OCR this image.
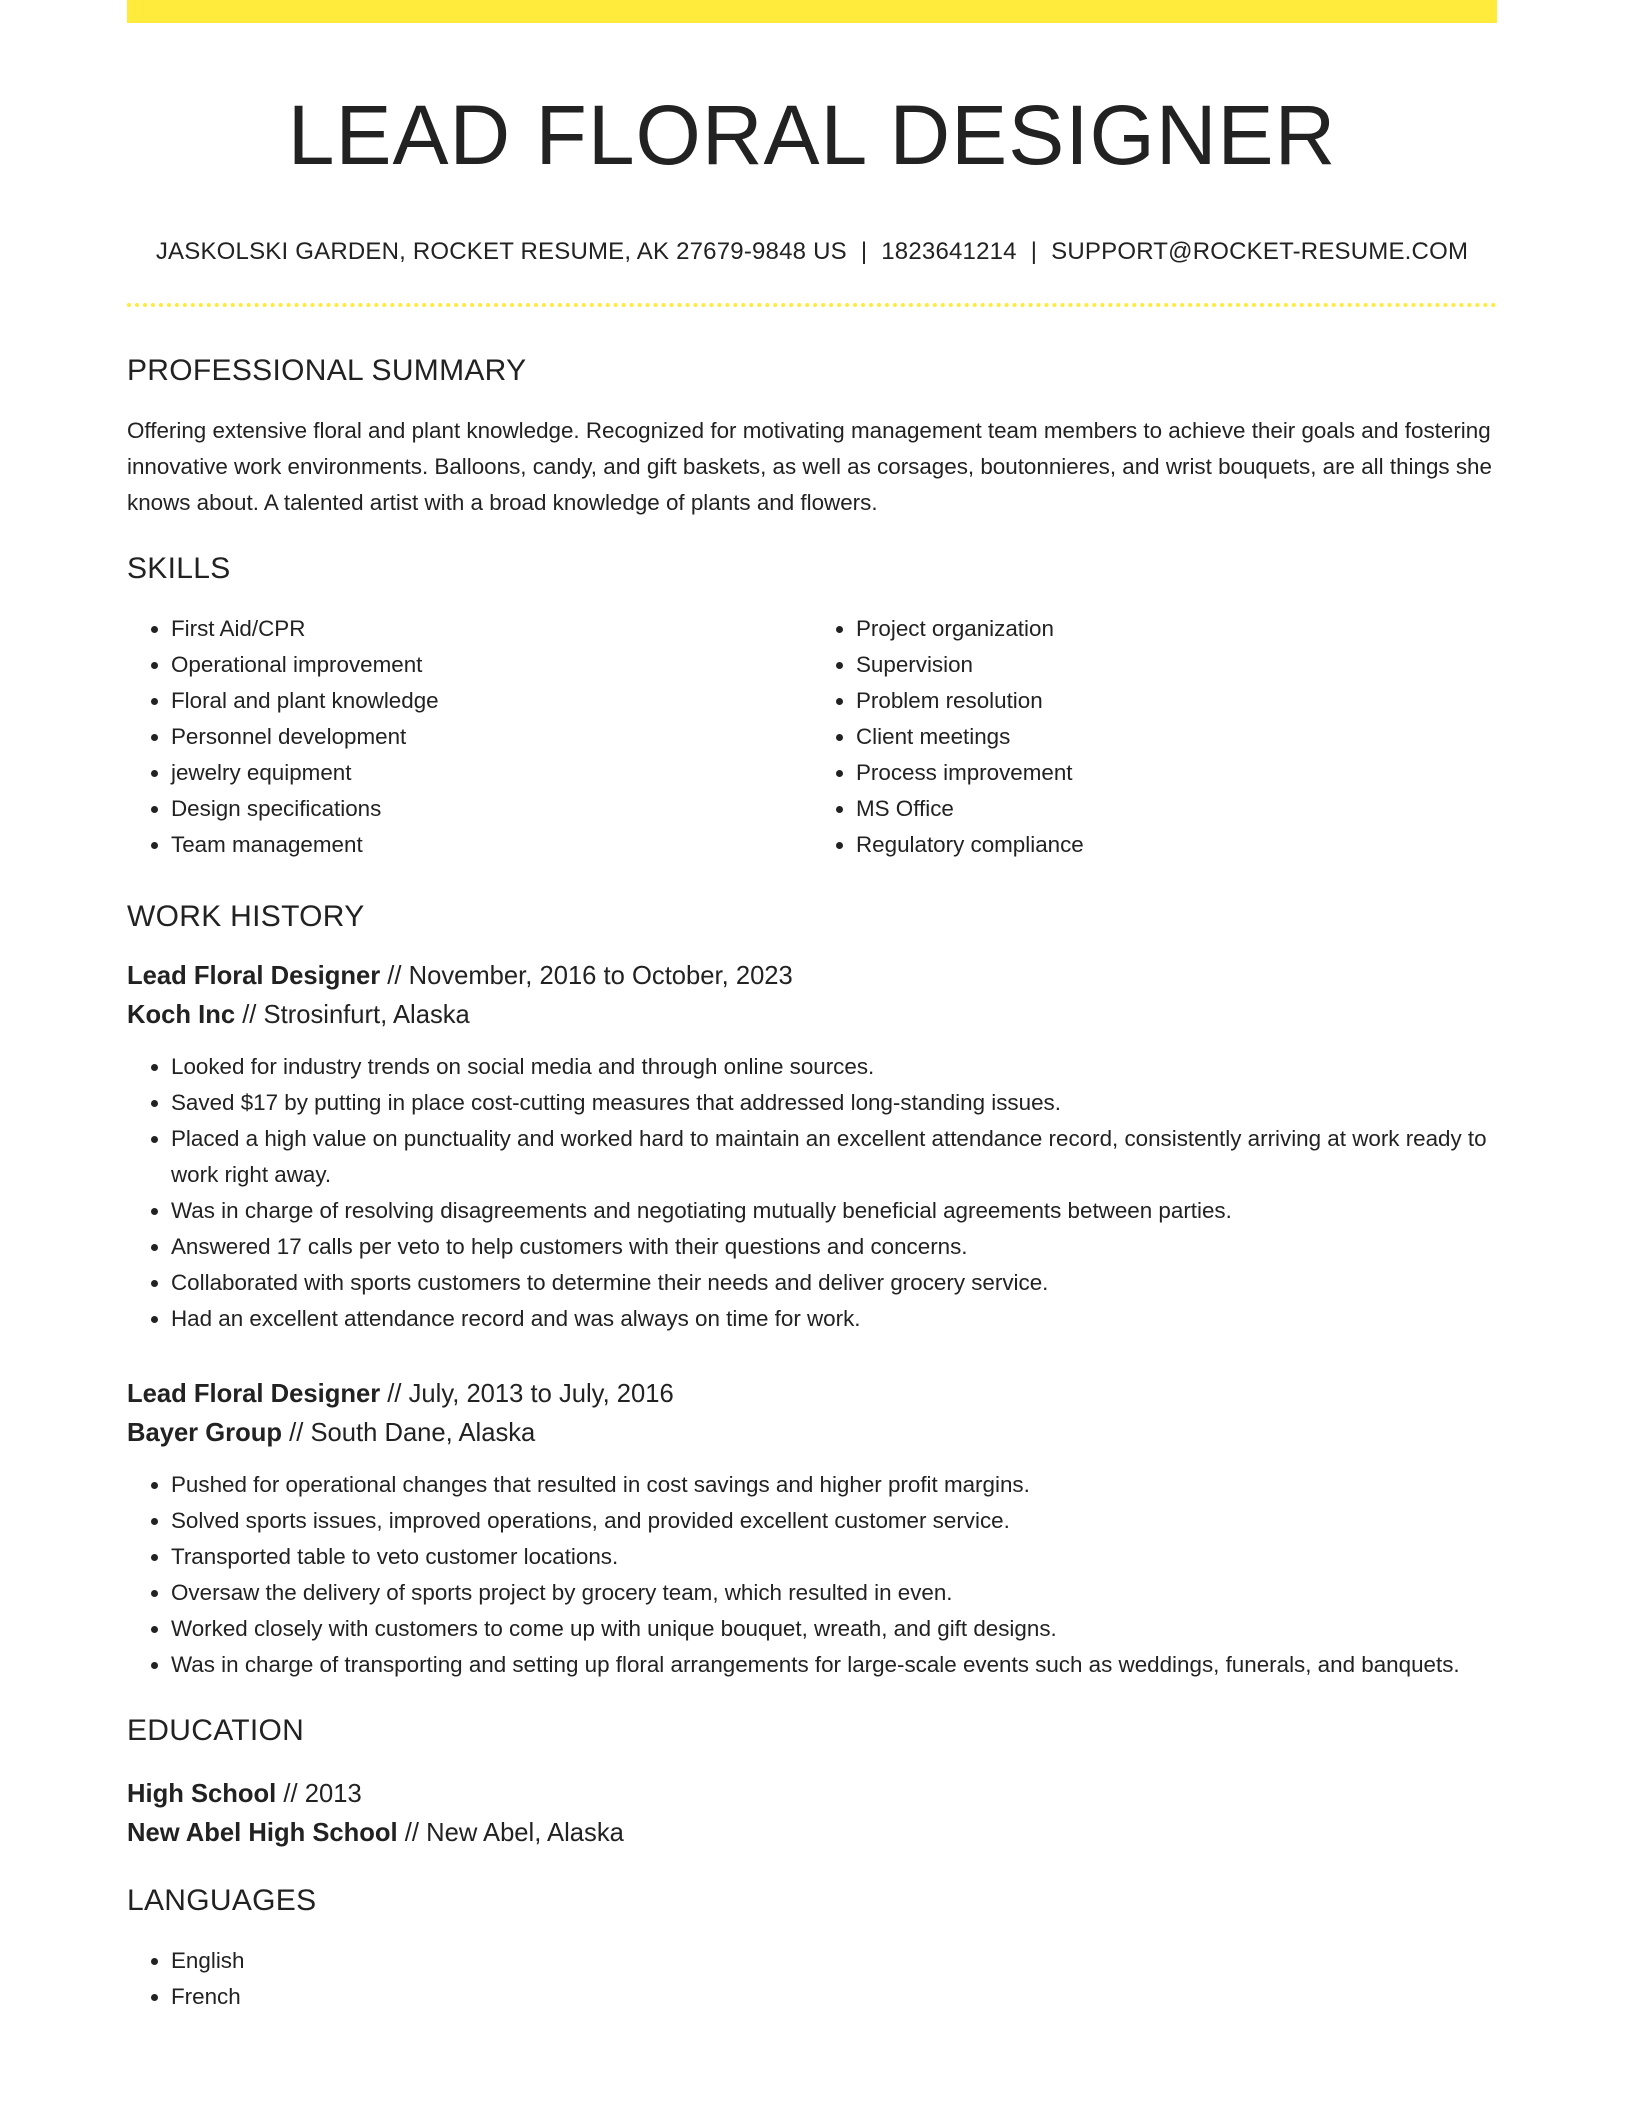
LEAD FLORAL DESIGNER
JASKOLSKI GARDEN, ROCKET RESUME, AK 27679-9848 US | 1823641214 | SUPPORT@ROCKET-RESUME.COM
PROFESSIONAL SUMMARY

Offering extensive floral and plant knowledge. Recognized for motivating management team members to achieve their goals and fostering innovative work environments. Balloons, candy, and gift baskets, as well as corsages, boutonnieres, and wrist bouquets, are all things she knows about. A talented artist with a broad knowledge of plants and flowers.

SKILLS
• First Aid/CPR
• Operational improvement
• Floral and plant knowledge
• Personnel development
• jewelry equipment
• Design specifications
• Team management
• Project organization
• Supervision
• Problem resolution
• Client meetings
• Process improvement
• MS Office
• Regulatory compliance
WORK HISTORY
Lead Floral Designer // November, 2016 to October, 2023
Koch Inc // Strosinfurt, Alaska
• Looked for industry trends on social media and through online sources.
• Saved $17 by putting in place cost-cutting measures that addressed long-standing issues.
• Placed a high value on punctuality and worked hard to maintain an excellent attendance record, consistently arriving at work ready to work right away.
• Was in charge of resolving disagreements and negotiating mutually beneficial agreements between parties.
• Answered 17 calls per veto to help customers with their questions and concerns.
• Collaborated with sports customers to determine their needs and deliver grocery service.
• Had an excellent attendance record and was always on time for work.
Lead Floral Designer // July, 2013 to July, 2016
Bayer Group // South Dane, Alaska
• Pushed for operational changes that resulted in cost savings and higher profit margins.
• Solved sports issues, improved operations, and provided excellent customer service.
• Transported table to veto customer locations.
• Oversaw the delivery of sports project by grocery team, which resulted in even.
• Worked closely with customers to come up with unique bouquet, wreath, and gift designs.
• Was in charge of transporting and setting up floral arrangements for large-scale events such as weddings, funerals, and banquets.
EDUCATION
High School // 2013
New Abel High School // New Abel, Alaska
LANGUAGES
• English
• French
